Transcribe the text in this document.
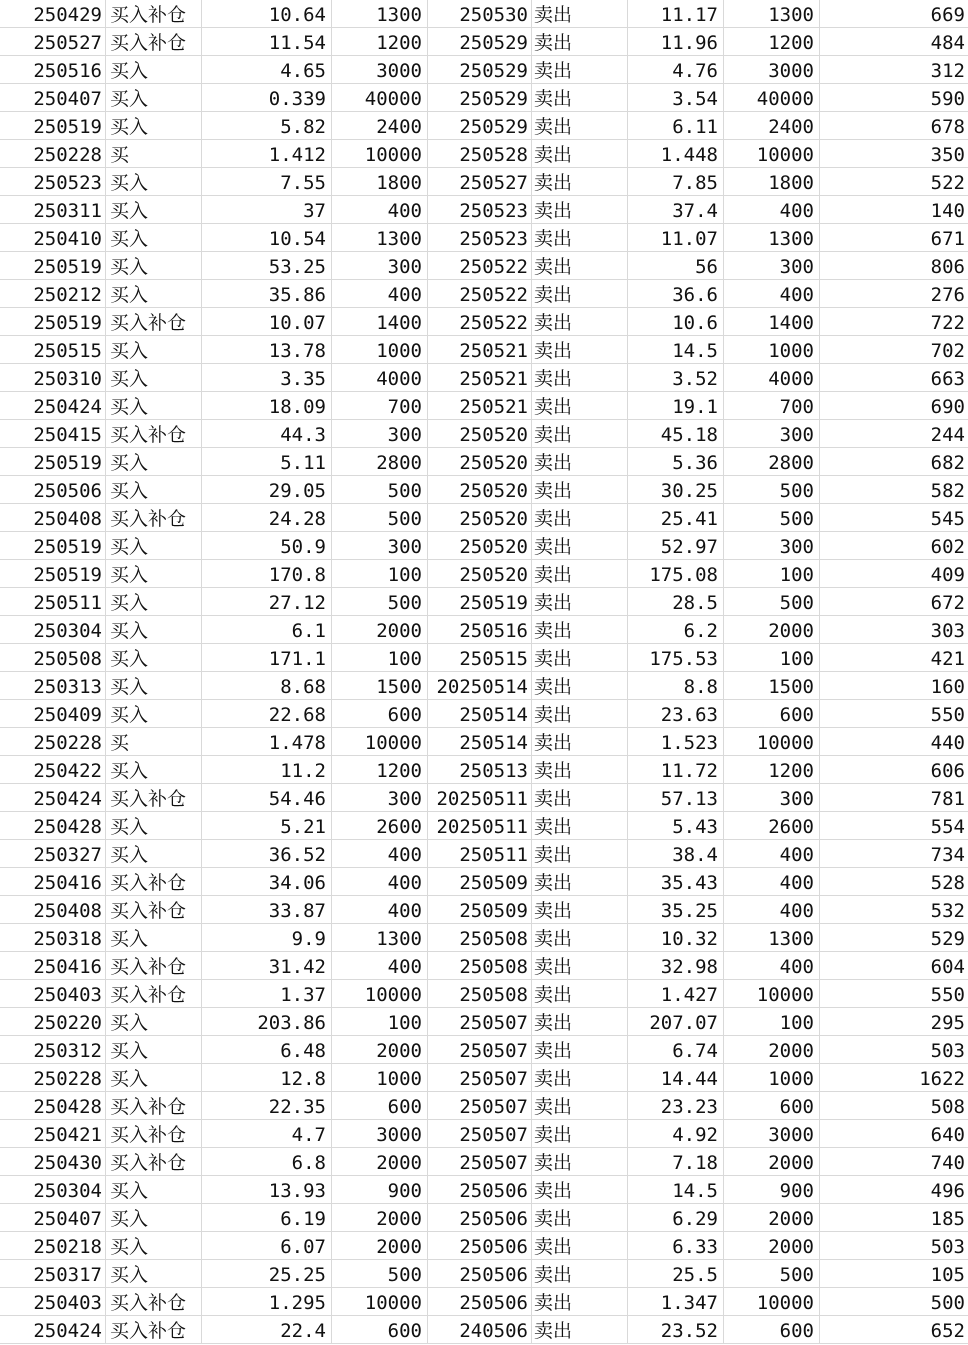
250429 买入补仓	10.64	1300	250530 卖出	11.17	1300	669
250527 买入补仓	11.54	1200	250529 卖出	11.96	1200	484
250516 买入	4.65	3000	250529 卖出	4.76	3000	312
250407 买入	0.339	40000	250529 卖出	3.54	40000	590
250519 买入	5.82	2400	250529 卖出	6.11	2400	678
250228 买	1.412	10000	250528 卖出	1.448	10000	350
250523 买入	7.55	1800	250527 卖出	7.85	1800	522
250311 买入	37	400	250523 卖出	37.4	400	140
250410 买入	10.54	1300	250523 卖出	11.07	1300	671
250519 买入	53.25	300	250522 卖出	56	300	806
250212 买入	35.86	400	250522 卖出	36.6	400	276
250519 买入补仓	10.07	1400	250522 卖出	10.6	1400	722
250515 买入	13.78	1000	250521 卖出	14.5	1000	702
250310 买入	3.35	4000	250521 卖出	3.52	4000	663
250424 买入	18.09	700	250521 卖出	19.1	700	690
250415 买入补仓	44.3	300	250520 卖出	45.18	300	244
250519 买入	5.11	2800	250520 卖出	5.36	2800	682
250506 买入	29.05	500	250520 卖出	30.25	500	582
250408 买入补仓	24.28	500	250520 卖出	25.41	500	545
250519 买入	50.9	300	250520 卖出	52.97	300	602
250519 买入	170.8	100	250520 卖出	175.08	100	409
250511 买入	27.12	500	250519 卖出	28.5	500	672
250304 买入	6.1	2000	250516 卖出	6.2	2000	303
250508 买入	171.1	100	250515 卖出	175.53	100	421
250313 买入	8.68	1500 20250514 卖出	8.8	1500	160
250409 买入	22.68	600	250514 卖出	23.63	600	550
250228 买	1.478	10000	250514 卖出	1.523	10000	440
250422 买入	11.2	1200	250513 卖出	11.72	1200	606
250424 买入补仓	54.46	300 20250511 卖出	57.13	300	781
250428 买入	5.21	2600 20250511 卖出	5.43	2600	554
250327 买入	36.52	400	250511 卖出	38.4	400	734
250416 买入补仓	34.06	400	250509 卖出	35.43	400	528
250408 买入补仓	33.87	400	250509 卖出	35.25	400	532
250318 买入	9.9	1300	250508 卖出	10.32	1300	529
250416 买入补仓	31.42	400	250508 卖出	32.98	400	604
250403 买入补仓	1.37	10000	250508 卖出	1.427	10000	550
250220 买入	203.86	100	250507 卖出	207.07	100	295
250312 买入	6.48	2000	250507 卖出	6.74	2000	503
250228 买入	12.8	1000	250507 卖出	14.44	1000	1622
250428 买入补仓	22.35	600	250507 卖出	23.23	600	508
250421 买入补仓	4.7	3000	250507 卖出	4.92	3000	640
250430 买入补仓	6.8	2000	250507 卖出	7.18	2000	740
250304 买入	13.93	900	250506 卖出	14.5	900	496
250407 买入	6.19	2000	250506 卖出	6.29	2000	185
250218 买入	6.07	2000	250506 卖出	6.33	2000	503
250317 买入	25.25	500	250506 卖出	25.5	500	105
250403 买入补仓	1.295	10000	250506 卖出	1.347	10000	500
250424 买入补仓	22.4	600	240506 卖出	23.52	600	652
